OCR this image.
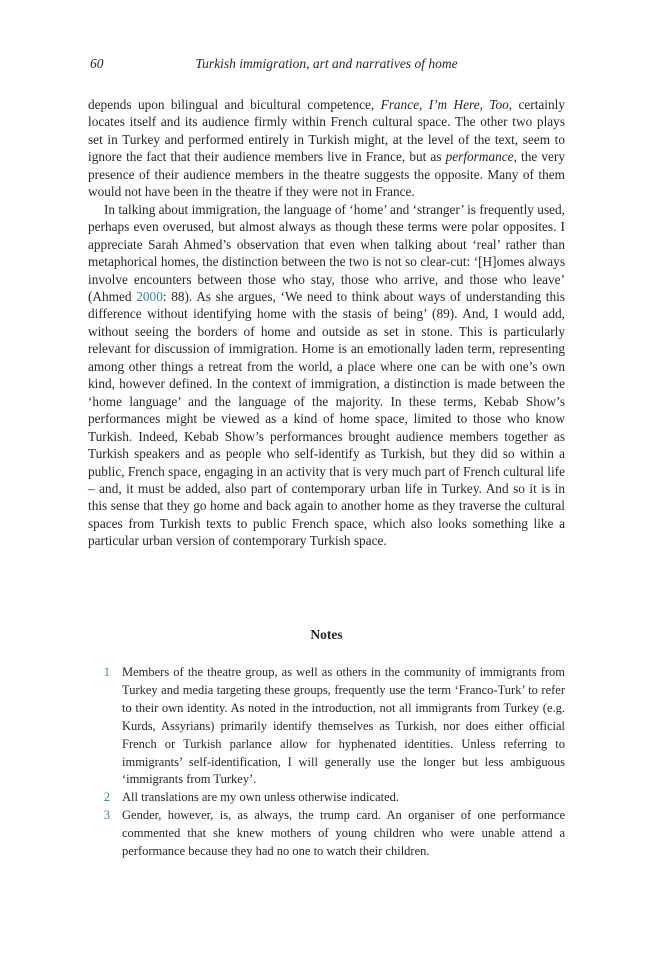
60	Turkish immigration, art and narratives of home

depends upon bilingual and bicultural competence, France, I’m Here, Too, certainly locates itself and its audience firmly within French cultural space. The other two plays set in Turkey and performed entirely in Turkish might, at the level of the text, seem to ignore the fact that their audience members live in France, but as performance, the very presence of their audience members in the theatre suggests the opposite. Many of them would not have been in the theatre if they were not in France.

In talking about immigration, the language of ‘home’ and ‘stranger’ is frequently used, perhaps even overused, but almost always as though these terms were polar opposites. I appreciate Sarah Ahmed’s observation that even when talking about ‘real’ rather than metaphorical homes, the distinction between the two is not so clear-cut: ‘[H]omes always involve encounters between those who stay, those who arrive, and those who leave’ (Ahmed 2000: 88). As she argues, ‘We need to think about ways of understanding this difference without identifying home with the stasis of being’ (89). And, I would add, without seeing the borders of home and outside as set in stone. This is particularly relevant for discussion of immigration. Home is an emotionally laden term, representing among other things a retreat from the world, a place where one can be with one’s own kind, however defined. In the context of immigration, a distinction is made between the ‘home language’ and the language of the majority. In these terms, Kebab Show’s performances might be viewed as a kind of home space, limited to those who know Turkish. Indeed, Kebab Show’s performances brought audience members together as Turkish speakers and as people who self-identify as Turkish, but they did so within a public, French space, engaging in an activity that is very much part of French cultural life – and, it must be added, also part of contemporary urban life in Turkey. And so it is in this sense that they go home and back again to another home as they traverse the cultural spaces from Turkish texts to public French space, which also looks something like a particular urban version of contemporary Turkish space.

Notes
1 Members of the theatre group, as well as others in the community of immigrants from Turkey and media targeting these groups, frequently use the term ‘Franco-Turk’ to refer to their own identity. As noted in the introduction, not all immigrants from Turkey (e.g. Kurds, Assyrians) primarily identify themselves as Turkish, nor does either official French or Turkish parlance allow for hyphenated identities. Unless referring to immigrants’ self-identification, I will generally use the longer but less ambiguous ‘immigrants from Turkey’.
2 All translations are my own unless otherwise indicated.
3 Gender, however, is, as always, the trump card. An organiser of one performance commented that she knew mothers of young children who were unable attend a performance because they had no one to watch their children.
